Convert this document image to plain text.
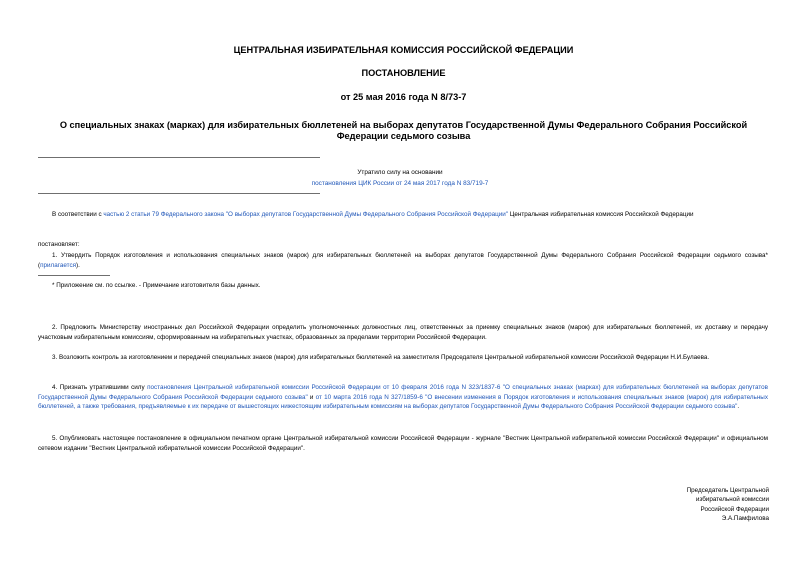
ЦЕНТРАЛЬНАЯ ИЗБИРАТЕЛЬНАЯ КОМИССИЯ РОССИЙСКОЙ ФЕДЕРАЦИИ
ПОСТАНОВЛЕНИЕ
от 25 мая 2016 года N 8/73-7
О специальных знаках (марках) для избирательных бюллетеней на выборах депутатов Государственной Думы Федерального Собрания Российской Федерации седьмого созыва
Утратило силу на основании
постановления ЦИК России от 24 мая 2017 года N 83/719-7
В соответствии с частью 2 статьи 79 Федерального закона "О выборах депутатов Государственной Думы Федерального Собрания Российской Федерации" Центральная избирательная комиссия Российской Федерации
постановляет:
1. Утвердить Порядок изготовления и использования специальных знаков (марок) для избирательных бюллетеней на выборах депутатов Государственной Думы Федерального Собрания Российской Федерации седьмого созыва* (прилагается).
* Приложение см. по ссылке. - Примечание изготовителя базы данных.
2. Предложить Министерству иностранных дел Российской Федерации определить уполномоченных должностных лиц, ответственных за приемку специальных знаков (марок) для избирательных бюллетеней, их доставку и передачу участковым избирательным комиссиям, сформированным на избирательных участках, образованных за пределами территории Российской Федерации.
3. Возложить контроль за изготовлением и передачей специальных знаков (марок) для избирательных бюллетеней на заместителя Председателя Центральной избирательной комиссии Российской Федерации Н.И.Булаева.
4. Признать утратившими силу постановления Центральной избирательной комиссии Российской Федерации от 10 февраля 2016 года N 323/1837-6 "О специальных знаках (марках) для избирательных бюллетеней на выборах депутатов Государственной Думы Федерального Собрания Российской Федерации седьмого созыва" и от 10 марта 2016 года N 327/1859-6 "О внесении изменения в Порядок изготовления и использования специальных знаков (марок) для избирательных бюллетеней, а также требования, предъявляемые к их передаче от вышестоящих нижестоящим избирательным комиссиям на выборах депутатов Государственной Думы Федерального Собрания Российской Федерации седьмого созыва".
5. Опубликовать настоящее постановление в официальном печатном органе Центральной избирательной комиссии Российской Федерации - журнале "Вестник Центральной избирательной комиссии Российской Федерации" и официальном сетевом издании "Вестник Центральной избирательной комиссии Российской Федерации".
Председатель Центральной
избирательной комиссии
Российской Федерации
Э.А.Памфилова
